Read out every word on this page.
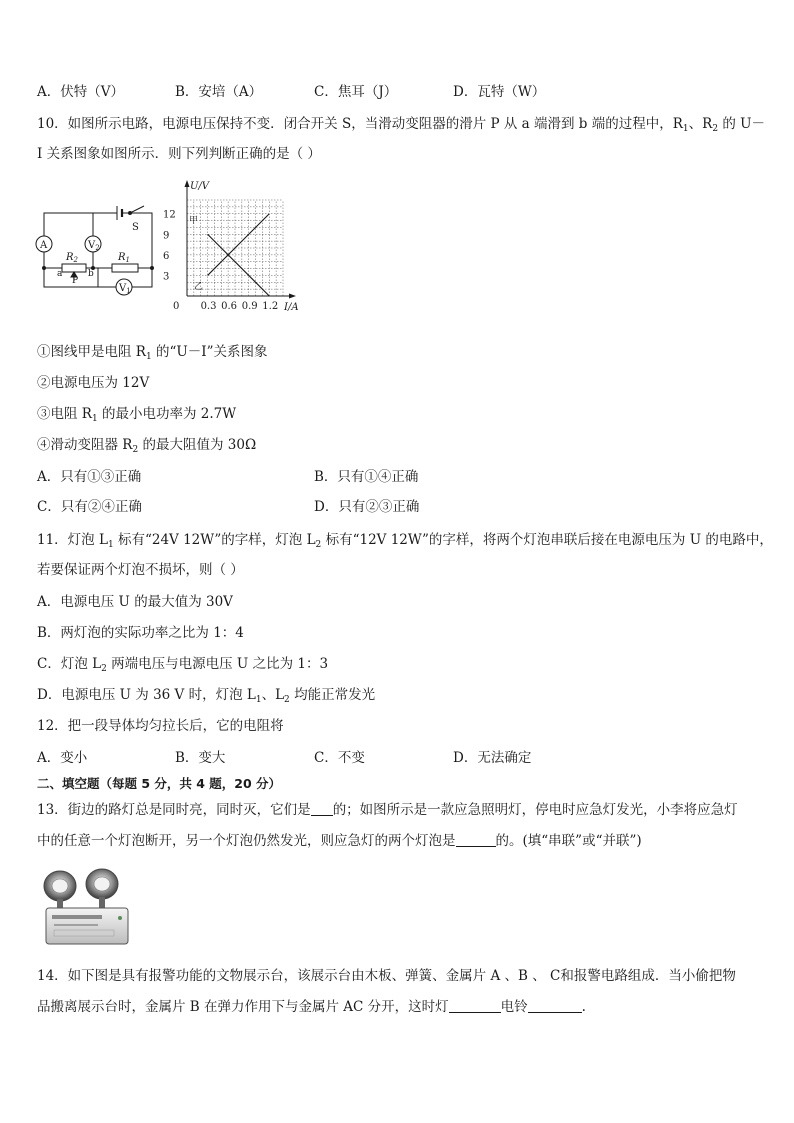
A．伏特（V）	B．安培（A）	C．焦耳（J）	D．瓦特（W）
10．如图所示电路，电源电压保持不变．闭合开关 S，当滑动变阻器的滑片 P 从 a 端滑到 b 端的过程中，$R_1$、$R_2$ 的 U－
I 关系图象如图所示．则下列判断正确的是（ ）
S
A	$V_2$
$R_2$	$R_1$
a	b
P
$V_1$
U/V
I/A
12
9
6
3
0 0.3 0.6 0.9 1.2
甲
乙
①图线甲是电阻 $R_1$ 的“U－I”关系图象
②电源电压为 12V
③电阻 $R_1$ 的最小电功率为 2.7W
④滑动变阻器 $R_2$ 的最大阻值为 30Ω
A．只有①③正确	B．只有①④正确
C．只有②④正确	D．只有②③正确
11．灯泡 $L_1$ 标有“24V 12W”的字样，灯泡 $L_2$ 标有“12V 12W”的字样，将两个灯泡串联后接在电源电压为 U 的电路中，
若要保证两个灯泡不损坏，则（ ）
A．电源电压 U 的最大值为 30V
B．两灯泡的实际功率之比为 1：4
C．灯泡 $L_2$ 两端电压与电源电压 U 之比为 1：3
D．电源电压 U 为 36 V 时，灯泡 $L_1$、$L_2$ 均能正常发光
12．把一段导体均匀拉长后，它的电阻将
A．变小	B．变大	C．不变	D．无法确定
二、填空题（每题 5 分，共 4 题，20 分）
13．街边的路灯总是同时亮，同时灭，它们是 的；如图所示是一款应急照明灯，停电时应急灯发光，小李将应急灯
中的任意一个灯泡断开，另一个灯泡仍然发光，则应急灯的两个灯泡是	的。(填“串联”或“并联”)
14．如下图是具有报警功能的文物展示台，该展示台由木板、弹簧、金属片 A 、B 、 C和报警电路组成．当小偷把物
品搬离展示台时，金属片 B 在弹力作用下与金属片 AC 分开，这时灯	电铃	.
